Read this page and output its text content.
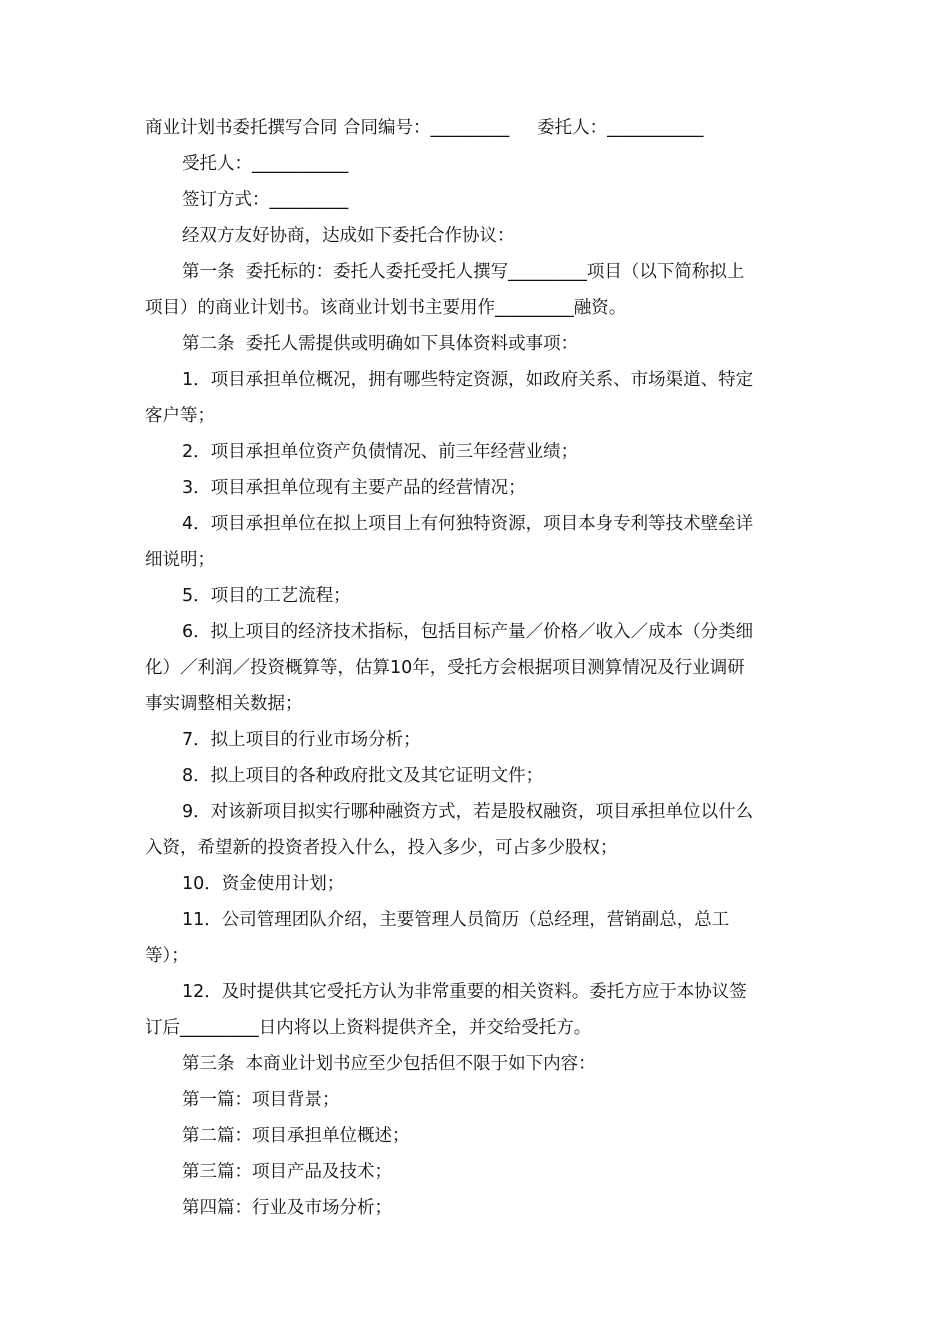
商业计划书委托撰写合同 合同编号：_________     委托人：___________

受托人：___________

签订方式：_________

经双方友好协商，达成如下委托合作协议：

第一条  委托标的：委托人委托受托人撰写_________项目（以下简称拟上

项目）的商业计划书。该商业计划书主要用作_________融资。

第二条  委托人需提供或明确如下具体资料或事项：

1．项目承担单位概况，拥有哪些特定资源，如政府关系、市场渠道、特定

客户等；

2．项目承担单位资产负债情况、前三年经营业绩；

3．项目承担单位现有主要产品的经营情况；

4．项目承担单位在拟上项目上有何独特资源，项目本身专利等技术壁垒详

细说明；

5．项目的工艺流程；

6．拟上项目的经济技术指标，包括目标产量／价格／收入／成本（分类细

化）／利润／投资概算等，估算10年，受托方会根据项目测算情况及行业调研

事实调整相关数据；

7．拟上项目的行业市场分析；

8．拟上项目的各种政府批文及其它证明文件；

9．对该新项目拟实行哪种融资方式，若是股权融资，项目承担单位以什么

入资，希望新的投资者投入什么，投入多少，可占多少股权；

10．资金使用计划；

11．公司管理团队介绍，主要管理人员简历（总经理，营销副总，总工

等）；

12．及时提供其它受托方认为非常重要的相关资料。委托方应于本协议签

订后_________日内将以上资料提供齐全，并交给受托方。

第三条  本商业计划书应至少包括但不限于如下内容：

第一篇：项目背景；

第二篇：项目承担单位概述；

第三篇：项目产品及技术；

第四篇：行业及市场分析；
